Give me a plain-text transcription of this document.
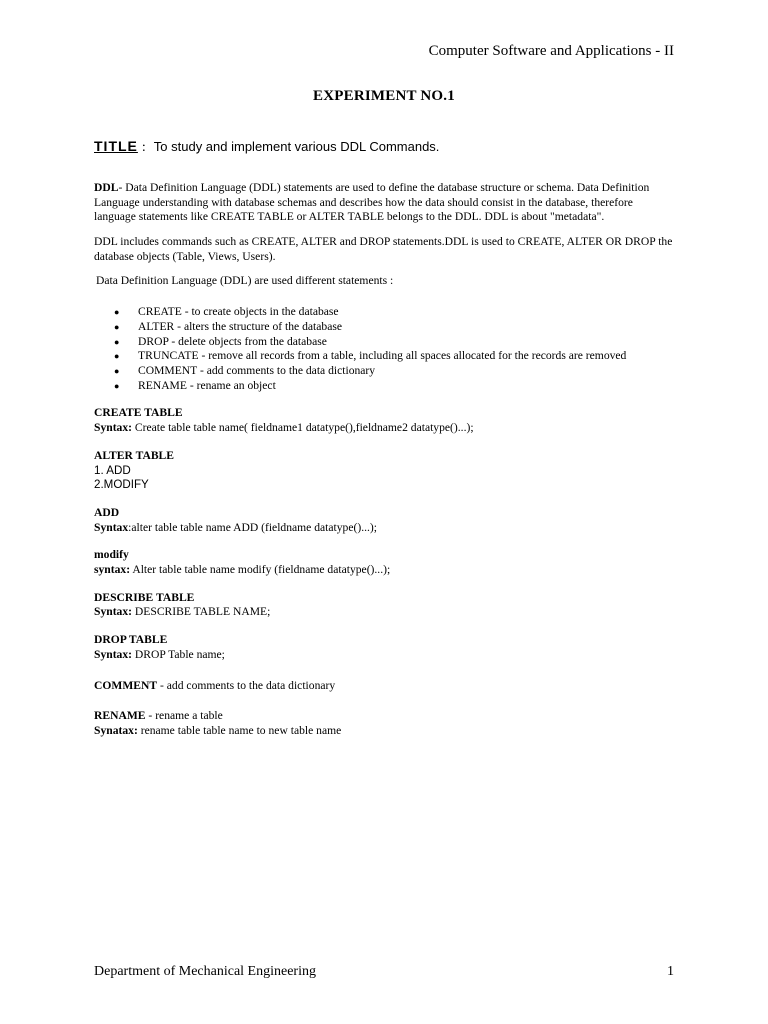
Computer Software and Applications - II
EXPERIMENT NO.1
TITLE : To study and implement various DDL Commands.

DDL- Data Definition Language (DDL) statements are used to define the database structure or schema. Data Definition Language understanding with database schemas and describes how the data should consist in the database, therefore language statements like CREATE TABLE or ALTER TABLE belongs to the DDL. DDL is about "metadata".

DDL includes commands such as CREATE, ALTER and DROP statements.DDL is used to CREATE, ALTER OR DROP the database objects (Table, Views, Users).

Data Definition Language (DDL) are used different statements :

● CREATE - to create objects in the database
● ALTER - alters the structure of the database
● DROP - delete objects from the database
● TRUNCATE - remove all records from a table, including all spaces allocated for the records are removed
● COMMENT - add comments to the data dictionary
● RENAME - rename an object
CREATE TABLE
Syntax: Create table table name( fieldname1 datatype(),fieldname2 datatype()...);
ALTER TABLE
1. ADD
2.MODIFY
ADD
Syntax:alter table table name ADD (fieldname datatype()...);
modify
syntax: Alter table table name modify (fieldname datatype()...);
DESCRIBE TABLE
Syntax: DESCRIBE TABLE NAME;
DROP TABLE
Syntax: DROP Table name;
COMMENT - add comments to the data dictionary
RENAME - rename a table
Synatax: rename table table name to new table name
Department of Mechanical Engineering	1
